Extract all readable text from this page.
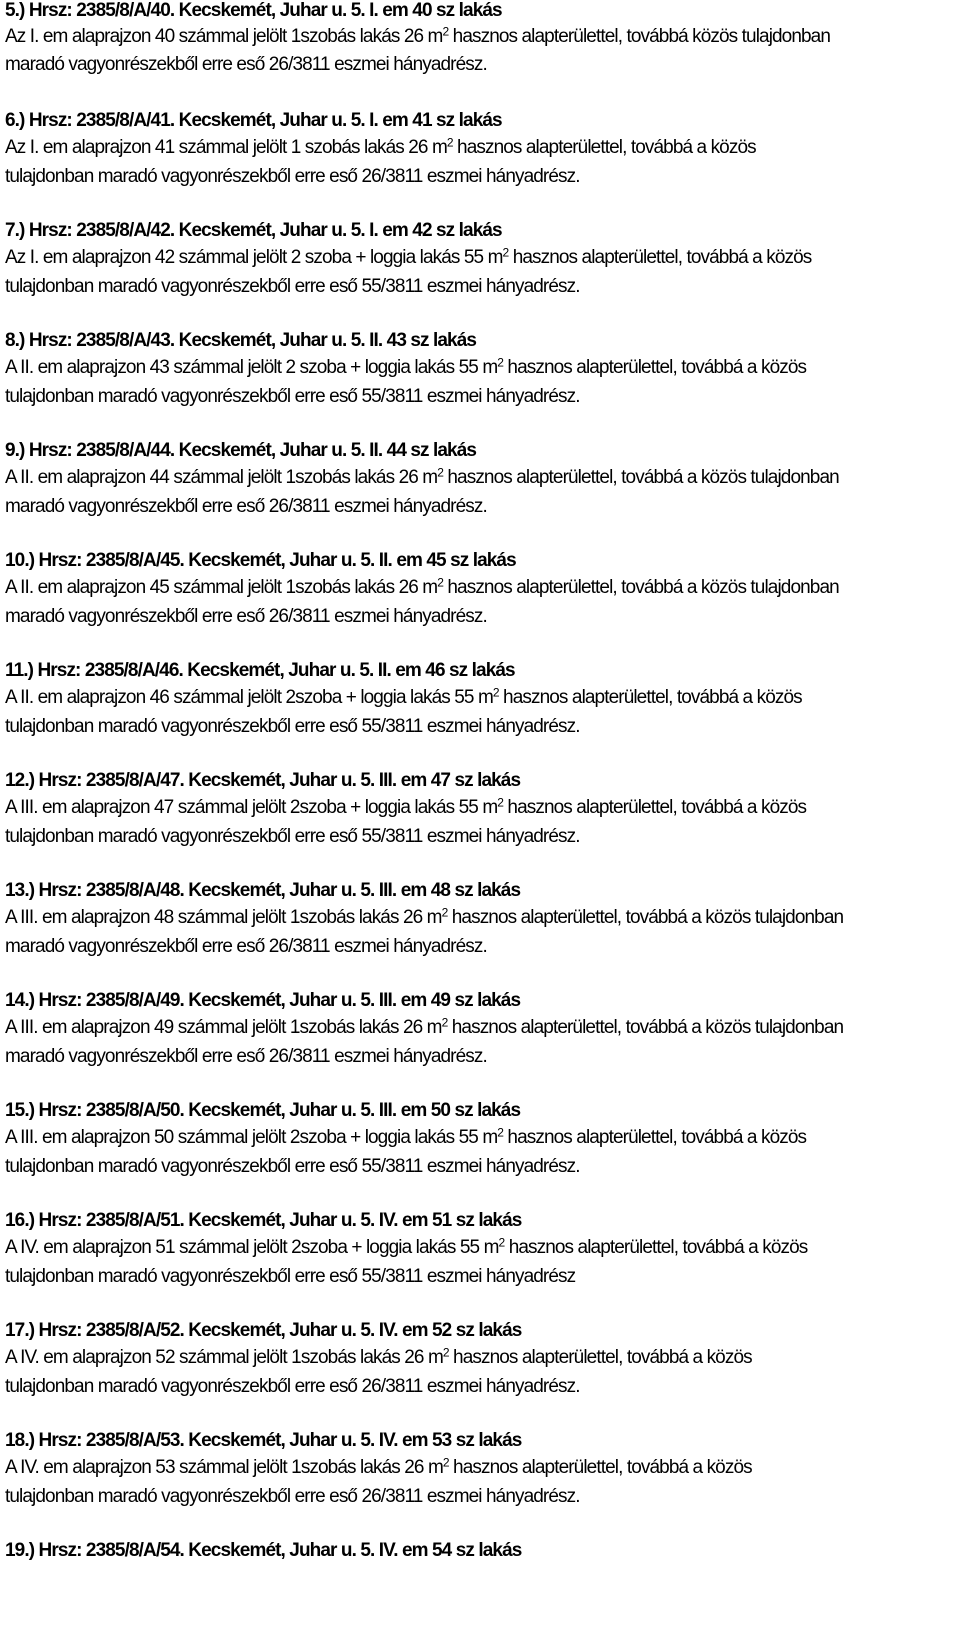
5.) Hrsz: 2385/8/A/40. Kecskemét, Juhar u. 5. I. em 40 sz lakás
Az I. em alaprajzon 40 számmal jelölt 1szobás lakás 26 $m^2$ hasznos alapterülettel, továbbá közös tulajdonban
maradó vagyonrészekből erre eső 26/3811 eszmei hányadrész.
6.) Hrsz: 2385/8/A/41. Kecskemét, Juhar u. 5. I. em 41 sz lakás
Az I. em alaprajzon 41 számmal jelölt 1 szobás lakás 26 $m^2$ hasznos alapterülettel, továbbá a közös
tulajdonban maradó vagyonrészekből erre eső 26/3811 eszmei hányadrész.
7.) Hrsz: 2385/8/A/42. Kecskemét, Juhar u. 5. I. em 42 sz lakás
Az I. em alaprajzon 42 számmal jelölt 2 szoba + loggia lakás 55 $m^2$ hasznos alapterülettel, továbbá a közös
tulajdonban maradó vagyonrészekből erre eső 55/3811 eszmei hányadrész.
8.) Hrsz: 2385/8/A/43. Kecskemét, Juhar u. 5. II. 43 sz lakás
A II. em alaprajzon 43 számmal jelölt 2 szoba + loggia lakás 55 $m^2$ hasznos alapterülettel, továbbá a közös
tulajdonban maradó vagyonrészekből erre eső 55/3811 eszmei hányadrész.
9.) Hrsz: 2385/8/A/44. Kecskemét, Juhar u. 5. II. 44 sz lakás
A II. em alaprajzon 44 számmal jelölt 1szobás lakás 26 $m^2$ hasznos alapterülettel, továbbá a közös tulajdonban
maradó vagyonrészekből erre eső 26/3811 eszmei hányadrész.
10.) Hrsz: 2385/8/A/45. Kecskemét, Juhar u. 5. II. em 45 sz lakás
A II. em alaprajzon 45 számmal jelölt 1szobás lakás 26 $m^2$ hasznos alapterülettel, továbbá a közös tulajdonban
maradó vagyonrészekből erre eső 26/3811 eszmei hányadrész.
11.) Hrsz: 2385/8/A/46. Kecskemét, Juhar u. 5. II. em 46 sz lakás
A II. em alaprajzon 46 számmal jelölt 2szoba + loggia lakás 55 $m^2$ hasznos alapterülettel, továbbá a közös
tulajdonban maradó vagyonrészekből erre eső 55/3811 eszmei hányadrész.
12.) Hrsz: 2385/8/A/47. Kecskemét, Juhar u. 5. III. em 47 sz lakás
A III. em alaprajzon 47 számmal jelölt 2szoba + loggia lakás 55 $m^2$ hasznos alapterülettel, továbbá a közös
tulajdonban maradó vagyonrészekből erre eső 55/3811 eszmei hányadrész.
13.) Hrsz: 2385/8/A/48. Kecskemét, Juhar u. 5. III. em 48 sz lakás
A III. em alaprajzon 48 számmal jelölt 1szobás lakás 26 $m^2$ hasznos alapterülettel, továbbá a közös tulajdonban
maradó vagyonrészekből erre eső 26/3811 eszmei hányadrész.
14.) Hrsz: 2385/8/A/49. Kecskemét, Juhar u. 5. III. em 49 sz lakás
A III. em alaprajzon 49 számmal jelölt 1szobás lakás 26 $m^2$ hasznos alapterülettel, továbbá a közös tulajdonban
maradó vagyonrészekből erre eső 26/3811 eszmei hányadrész.
15.) Hrsz: 2385/8/A/50. Kecskemét, Juhar u. 5. III. em 50 sz lakás
A III. em alaprajzon 50 számmal jelölt 2szoba + loggia lakás 55 $m^2$ hasznos alapterülettel, továbbá a közös
tulajdonban maradó vagyonrészekből erre eső 55/3811 eszmei hányadrész.
16.) Hrsz: 2385/8/A/51. Kecskemét, Juhar u. 5. IV. em 51 sz lakás
A IV. em alaprajzon 51 számmal jelölt 2szoba + loggia lakás 55 $m^2$ hasznos alapterülettel, továbbá a közös
tulajdonban maradó vagyonrészekből erre eső 55/3811 eszmei hányadrész
17.) Hrsz: 2385/8/A/52. Kecskemét, Juhar u. 5. IV. em 52 sz lakás
A IV. em alaprajzon 52 számmal jelölt 1szobás lakás 26 $m^2$ hasznos alapterülettel, továbbá a közös
tulajdonban maradó vagyonrészekből erre eső 26/3811 eszmei hányadrész.
18.) Hrsz: 2385/8/A/53. Kecskemét, Juhar u. 5. IV. em 53 sz lakás
A IV. em alaprajzon 53 számmal jelölt 1szobás lakás 26 $m^2$ hasznos alapterülettel, továbbá a közös
tulajdonban maradó vagyonrészekből erre eső 26/3811 eszmei hányadrész.
19.) Hrsz: 2385/8/A/54. Kecskemét, Juhar u. 5. IV. em 54 sz lakás
